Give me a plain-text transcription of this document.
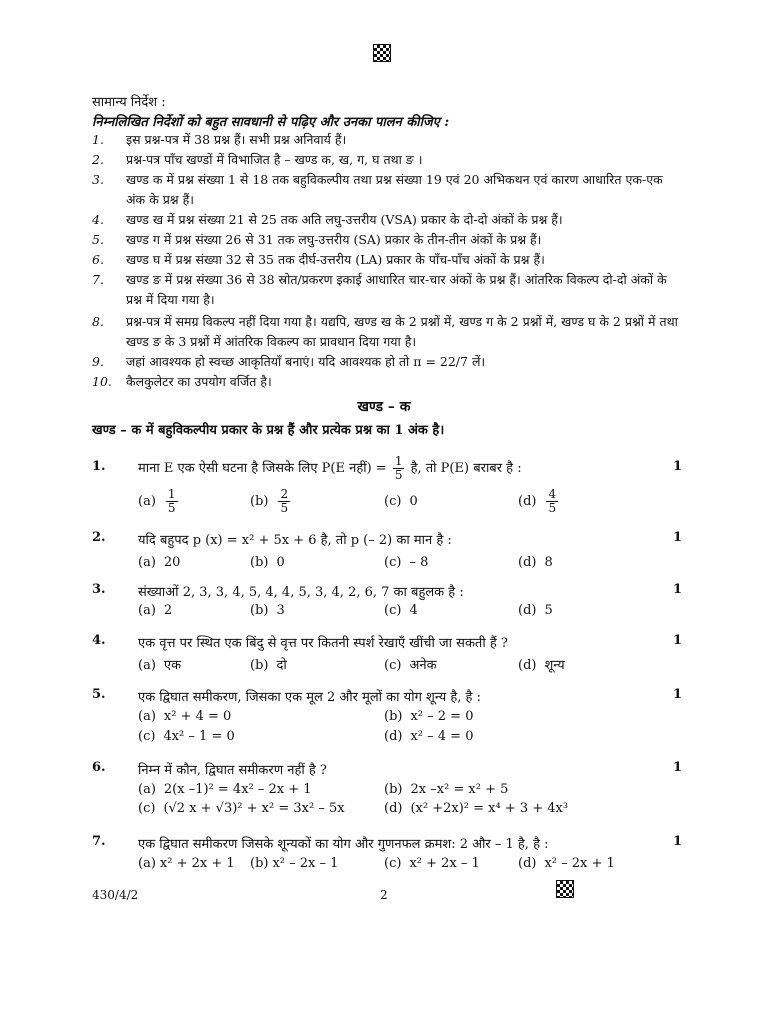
सामान्य निर्देश :
निम्नलिखित निर्देशों को बहुत सावधानी से पढ़िए और उनका पालन कीजिए :
1. इस प्रश्न-पत्र में 38 प्रश्न हैं। सभी प्रश्न अनिवार्य हैं।
2. प्रश्न-पत्र पाँच खण्डों में विभाजित है – खण्ड क, ख, ग, घ तथा ङ ।
3. खण्ड क में प्रश्न संख्या 1 से 18 तक बहुविकल्पीय तथा प्रश्न संख्या 19 एवं 20 अभिकथन एवं कारण आधारित एक-एक अंक के प्रश्न हैं।
4. खण्ड ख में प्रश्न संख्या 21 से 25 तक अति लघु-उत्तरीय (VSA) प्रकार के दो-दो अंकों के प्रश्न हैं।
5. खण्ड ग में प्रश्न संख्या 26 से 31 तक लघु-उत्तरीय (SA) प्रकार के तीन-तीन अंकों के प्रश्न हैं।
6. खण्ड घ में प्रश्न संख्या 32 से 35 तक दीर्घ-उत्तरीय (LA) प्रकार के पाँच-पाँच अंकों के प्रश्न हैं।
7. खण्ड ङ में प्रश्न संख्या 36 से 38 स्रोत/प्रकरण इकाई आधारित चार-चार अंकों के प्रश्न हैं। आंतरिक विकल्प दो-दो अंकों के प्रश्न में दिया गया है।
8. प्रश्न-पत्र में समग्र विकल्प नहीं दिया गया है। यद्यपि, खण्ड ख के 2 प्रश्नों में, खण्ड ग के 2 प्रश्नों में, खण्ड घ के 2 प्रश्नों में तथा खण्ड ङ के 3 प्रश्नों में आंतरिक विकल्प का प्रावधान दिया गया है।
9. जहां आवश्यक हो स्वच्छ आकृतियाँ बनाएं। यदि आवश्यक हो तो π = 22/7 लें।
10. कैलकुलेटर का उपयोग वर्जित है।
खण्ड – क
खण्ड – क में बहुविकल्पीय प्रकार के प्रश्न हैं और प्रत्येक प्रश्न का 1 अंक है।
1. माना E एक ऐसी घटना है जिसके लिए P(E नहीं) = $\frac{1}{5}$ है, तो P(E) बराबर है :	1
$(a) \frac{1}{5}$	$(b) \frac{2}{5}$	(c) 0	$(d) \frac{4}{5}$
2. यदि बहुपद p (x) = x² + 5x + 6 है, तो p (– 2) का मान है :	1
(a) 20	(b) 0	(c) – 8	(d) 8
3. संख्याओं 2, 3, 3, 4, 5, 4, 4, 5, 3, 4, 2, 6, 7 का बहुलक है :	1
(a) 2	(b) 3	(c) 4	(d) 5
4. एक वृत्त पर स्थित एक बिंदु से वृत्त पर कितनी स्पर्श रेखाएँ खींची जा सकती हैं ?	1
(a) एक	(b) दो	(c) अनेक	(d) शून्य
5. एक द्विघात समीकरण, जिसका एक मूल 2 और मूलों का योग शून्य है, है :	1
(a) x² + 4 = 0	(b) x² – 2 = 0
(c) 4x² – 1 = 0	(d) x² – 4 = 0
6. निम्न में कौन, द्विघात समीकरण नहीं है ?	1
(a) 2(x –1)² = 4x² – 2x + 1	(b) 2x –x² = x² + 5
(c) (√2 x + √3)² + x² = 3x² – 5x	(d) (x² +2x)² = x⁴ + 3 + 4x³
7. एक द्विघात समीकरण जिसके शून्यकों का योग और गुणनफल क्रमश: 2 और – 1 है, है :	1
(a) x² + 2x + 1 (b) x² – 2x – 1	(c) x² + 2x – 1	(d) x² – 2x + 1
430/4/2	2
